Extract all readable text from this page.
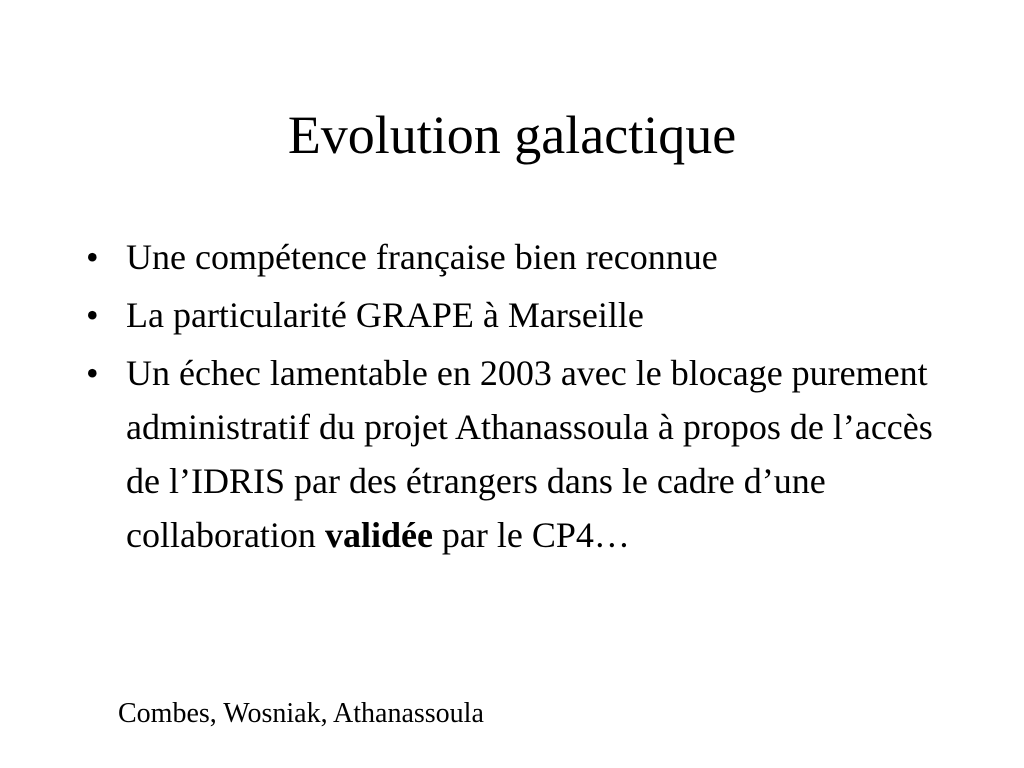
Evolution galactique
• Une compétence française bien reconnue
• La particularité GRAPE à Marseille
• Un échec lamentable en 2003 avec le blocage purement administratif du projet Athanassoula à propos de l’accès de l’IDRIS par des étrangers dans le cadre d’une collaboration validée par le CP4…
Combes, Wosniak, Athanassoula
